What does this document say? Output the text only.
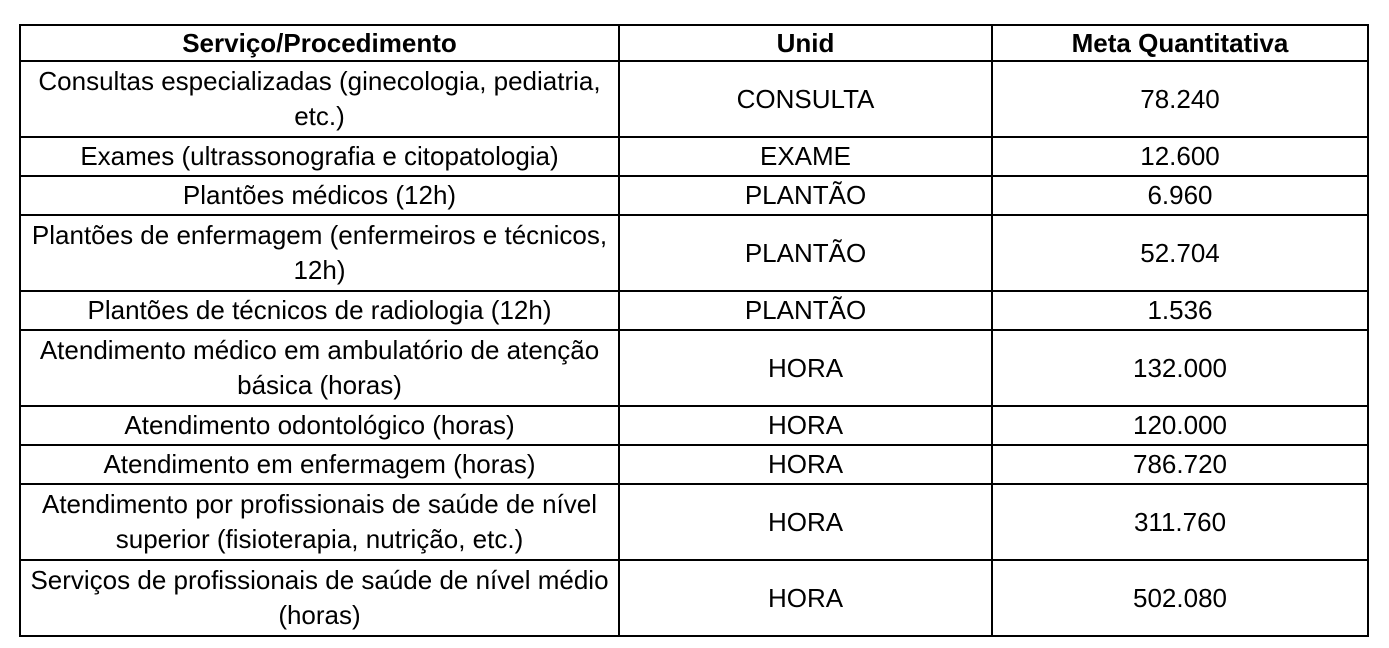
Serviço/Procedimento	Unid	Meta Quantitativa
Consultas especializadas (ginecologia, pediatria, etc.)	CONSULTA	78.240
Exames (ultrassonografia e citopatologia)	EXAME	12.600
Plantões médicos (12h)	PLANTÃO	6.960
Plantões de enfermagem (enfermeiros e técnicos, 12h)	PLANTÃO	52.704
Plantões de técnicos de radiologia (12h)	PLANTÃO	1.536
Atendimento médico em ambulatório de atenção básica (horas)	HORA	132.000
Atendimento odontológico (horas)	HORA	120.000
Atendimento em enfermagem (horas)	HORA	786.720
Atendimento por profissionais de saúde de nível superior (fisioterapia, nutrição, etc.)	HORA	311.760
Serviços de profissionais de saúde de nível médio (horas)	HORA	502.080
